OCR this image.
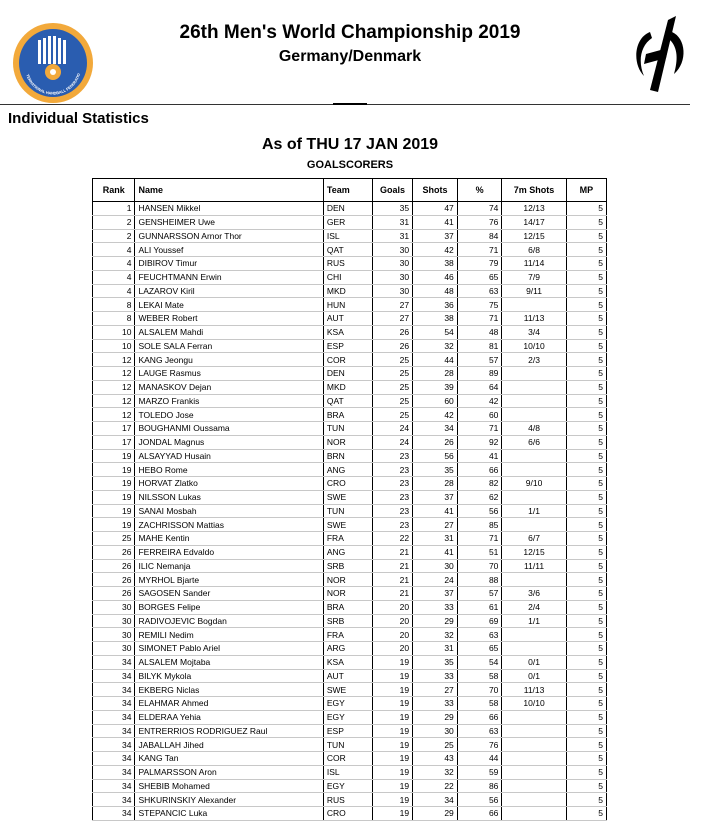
TERNATIONAL HANDBALL FEDERATIO
26th Men's World Championship 2019
Germany/Denmark
Individual Statistics
As of THU 17 JAN 2019
GOALSCORERS
Rank	Name	Team	Goals	Shots	%	7m Shots	MP
1	HANSEN Mikkel	DEN	35	47	74	12/13	5
2	GENSHEIMER Uwe	GER	31	41	76	14/17	5
2	GUNNARSSON Arnor Thor	ISL	31	37	84	12/15	5
4	ALI Youssef	QAT	30	42	71	6/8	5
4	DIBIROV Timur	RUS	30	38	79	11/14	5
4	FEUCHTMANN Erwin	CHI	30	46	65	7/9	5
4	LAZAROV Kiril	MKD	30	48	63	9/11	5
8	LEKAI Mate	HUN	27	36	75		5
8	WEBER Robert	AUT	27	38	71	11/13	5
10	ALSALEM Mahdi	KSA	26	54	48	3/4	5
10	SOLE SALA Ferran	ESP	26	32	81	10/10	5
12	KANG Jeongu	COR	25	44	57	2/3	5
12	LAUGE Rasmus	DEN	25	28	89		5
12	MANASKOV Dejan	MKD	25	39	64		5
12	MARZO Frankis	QAT	25	60	42		5
12	TOLEDO Jose	BRA	25	42	60		5
17	BOUGHANMI Oussama	TUN	24	34	71	4/8	5
17	JONDAL Magnus	NOR	24	26	92	6/6	5
19	ALSAYYAD Husain	BRN	23	56	41		5
19	HEBO Rome	ANG	23	35	66		5
19	HORVAT Zlatko	CRO	23	28	82	9/10	5
19	NILSSON Lukas	SWE	23	37	62		5
19	SANAI Mosbah	TUN	23	41	56	1/1	5
19	ZACHRISSON Mattias	SWE	23	27	85		5
25	MAHE Kentin	FRA	22	31	71	6/7	5
26	FERREIRA Edvaldo	ANG	21	41	51	12/15	5
26	ILIC Nemanja	SRB	21	30	70	11/11	5
26	MYRHOL Bjarte	NOR	21	24	88		5
26	SAGOSEN Sander	NOR	21	37	57	3/6	5
30	BORGES Felipe	BRA	20	33	61	2/4	5
30	RADIVOJEVIC Bogdan	SRB	20	29	69	1/1	5
30	REMILI Nedim	FRA	20	32	63		5
30	SIMONET Pablo Ariel	ARG	20	31	65		5
34	ALSALEM Mojtaba	KSA	19	35	54	0/1	5
34	BILYK Mykola	AUT	19	33	58	0/1	5
34	EKBERG Niclas	SWE	19	27	70	11/13	5
34	ELAHMAR Ahmed	EGY	19	33	58	10/10	5
34	ELDERAA Yehia	EGY	19	29	66		5
34	ENTRERRIOS RODRIGUEZ Raul	ESP	19	30	63		5
34	JABALLAH Jihed	TUN	19	25	76		5
34	KANG Tan	COR	19	43	44		5
34	PALMARSSON Aron	ISL	19	32	59		5
34	SHEBIB Mohamed	EGY	19	22	86		5
34	SHKURINSKIY Alexander	RUS	19	34	56		5
34	STEPANCIC Luka	CRO	19	29	66		5
